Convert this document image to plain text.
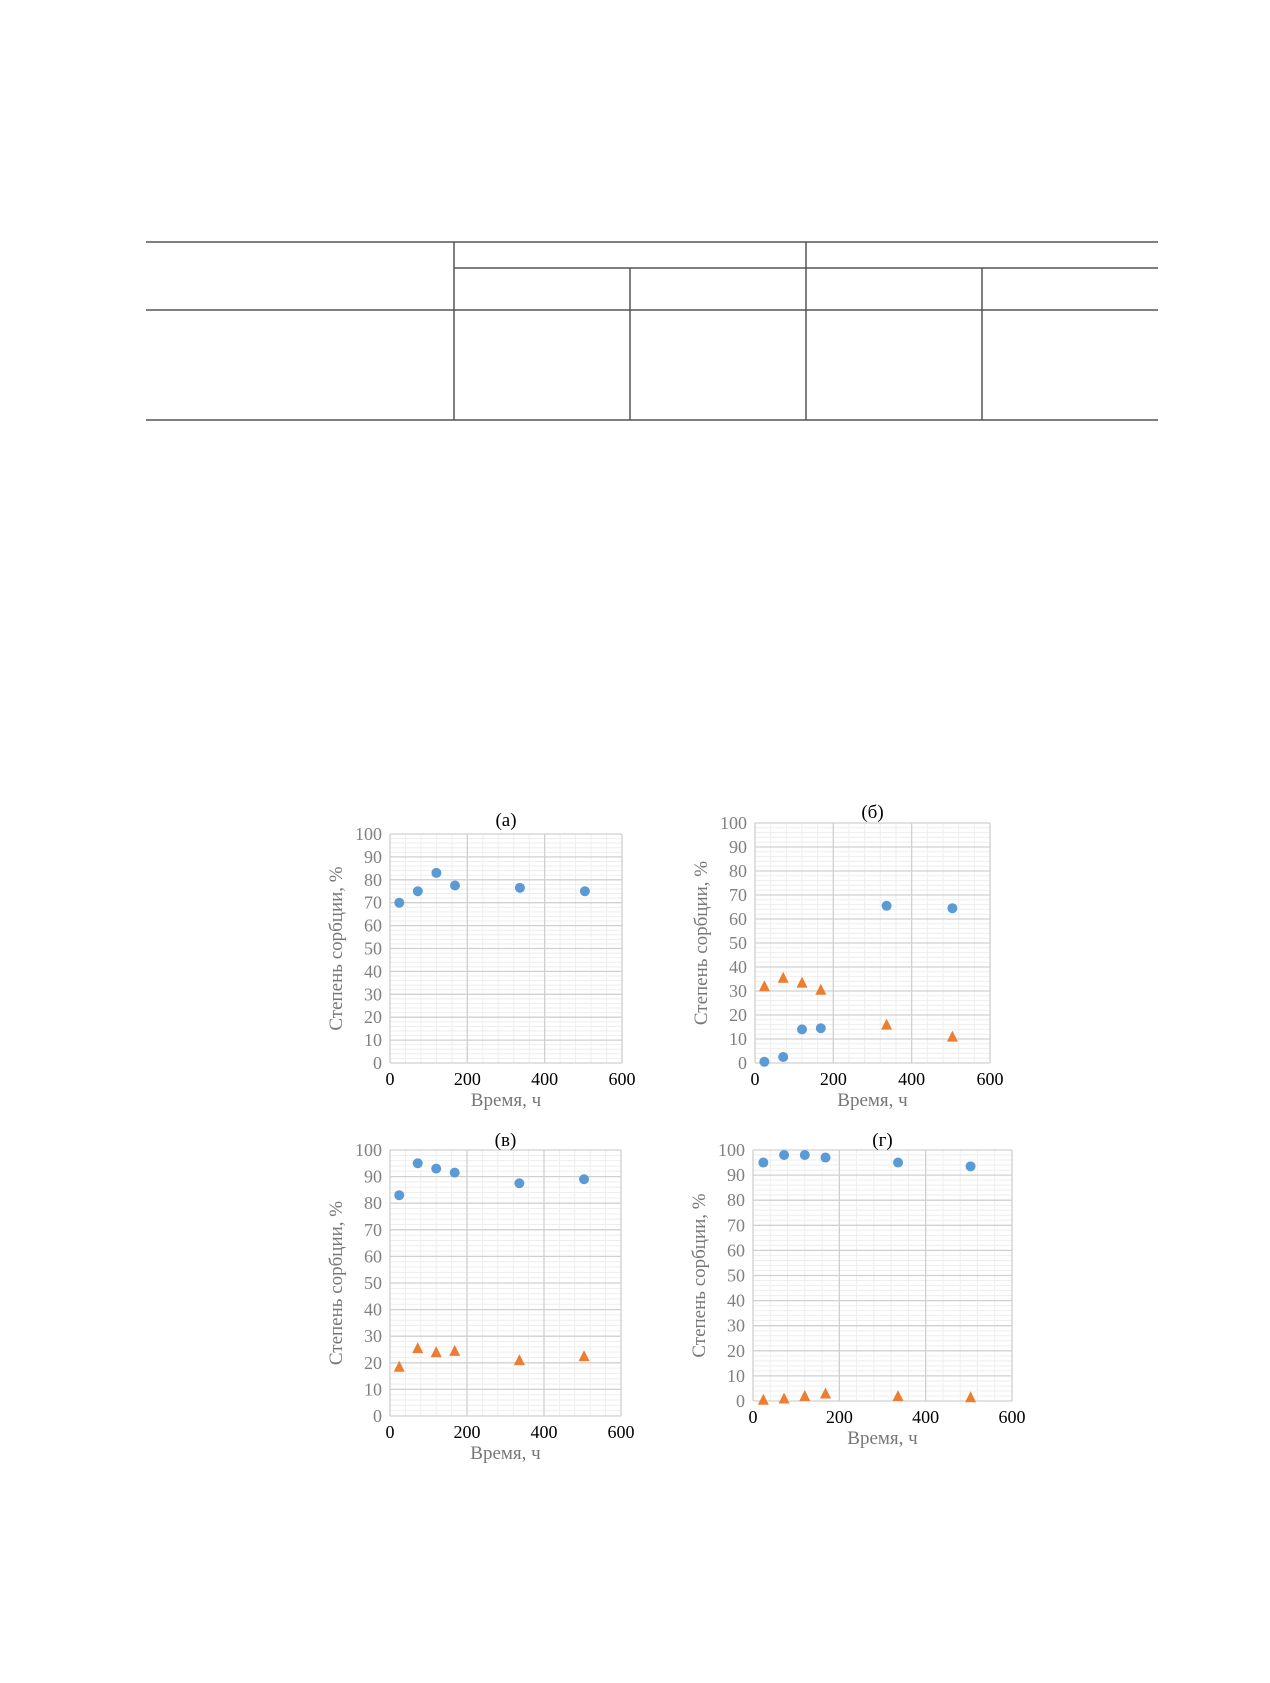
0
10
20
30
40
50
60
70
80
90
100
0	200	400	600
Время, ч
Степень сорбции, %
(а)
0
10
20
30
40
50
60
70
80
90
100
0	200	400	600
Время, ч
Степень сорбции, %
(б)
0
10
20
30
40
50
60
70
80
90
100
0	200	400	600
Время, ч
Степень сорбции, %
(в)
0
10
20
30
40
50
60
70
80
90
100
0	200	400	600
Время, ч
Степень сорбции, %
(г)
